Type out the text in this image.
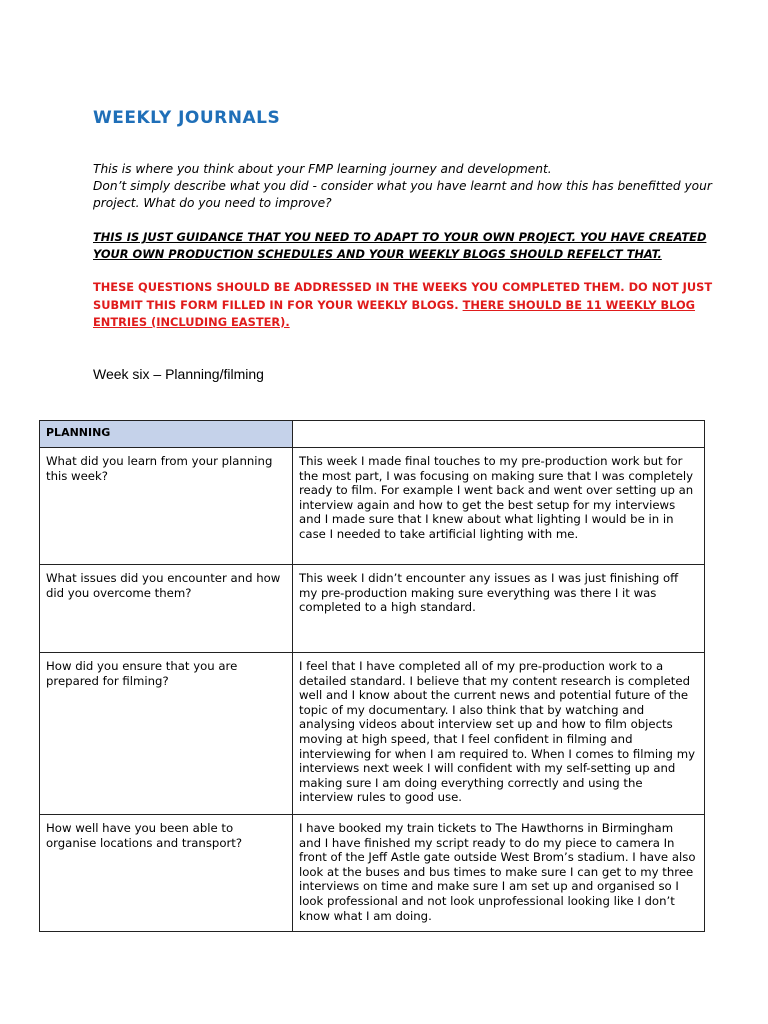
WEEKLY JOURNALS
This is where you think about your FMP learning journey and development.
Don’t simply describe what you did - consider what you have learnt and how this has benefitted your project. What do you need to improve?
THIS IS JUST GUIDANCE THAT YOU NEED TO ADAPT TO YOUR OWN PROJECT. YOU HAVE CREATED YOUR OWN PRODUCTION SCHEDULES AND YOUR WEEKLY BLOGS SHOULD REFELCT THAT.
THESE QUESTIONS SHOULD BE ADDRESSED IN THE WEEKS YOU COMPLETED THEM. DO NOT JUST SUBMIT THIS FORM FILLED IN FOR YOUR WEEKLY BLOGS. THERE SHOULD BE 11 WEEKLY BLOG ENTRIES (INCLUDING EASTER).
Week six – Planning/filming
PLANNING	
What did you learn from your planning this week?	This week I made final touches to my pre-production work but for the most part, I was focusing on making sure that I was completely ready to film. For example I went back and went over setting up an interview again and how to get the best setup for my interviews and I made sure that I knew about what lighting I would be in in case I needed to take artificial lighting with me.
What issues did you encounter and how did you overcome them?	This week I didn’t encounter any issues as I was just finishing off my pre-production making sure everything was there I it was completed to a high standard.
How did you ensure that you are prepared for filming?	I feel that I have completed all of my pre-production work to a detailed standard. I believe that my content research is completed well and I know about the current news and potential future of the topic of my documentary. I also think that by watching and analysing videos about interview set up and how to film objects moving at high speed, that I feel confident in filming and interviewing for when I am required to. When I comes to filming my interviews next week I will confident with my self-setting up and making sure I am doing everything correctly and using the interview rules to good use.
How well have you been able to organise locations and transport?	I have booked my train tickets to The Hawthorns in Birmingham and I have finished my script ready to do my piece to camera In front of the Jeff Astle gate outside West Brom’s stadium. I have also look at the buses and bus times to make sure I can get to my three interviews on time and make sure I am set up and organised so I look professional and not look unprofessional looking like I don’t know what I am doing.
